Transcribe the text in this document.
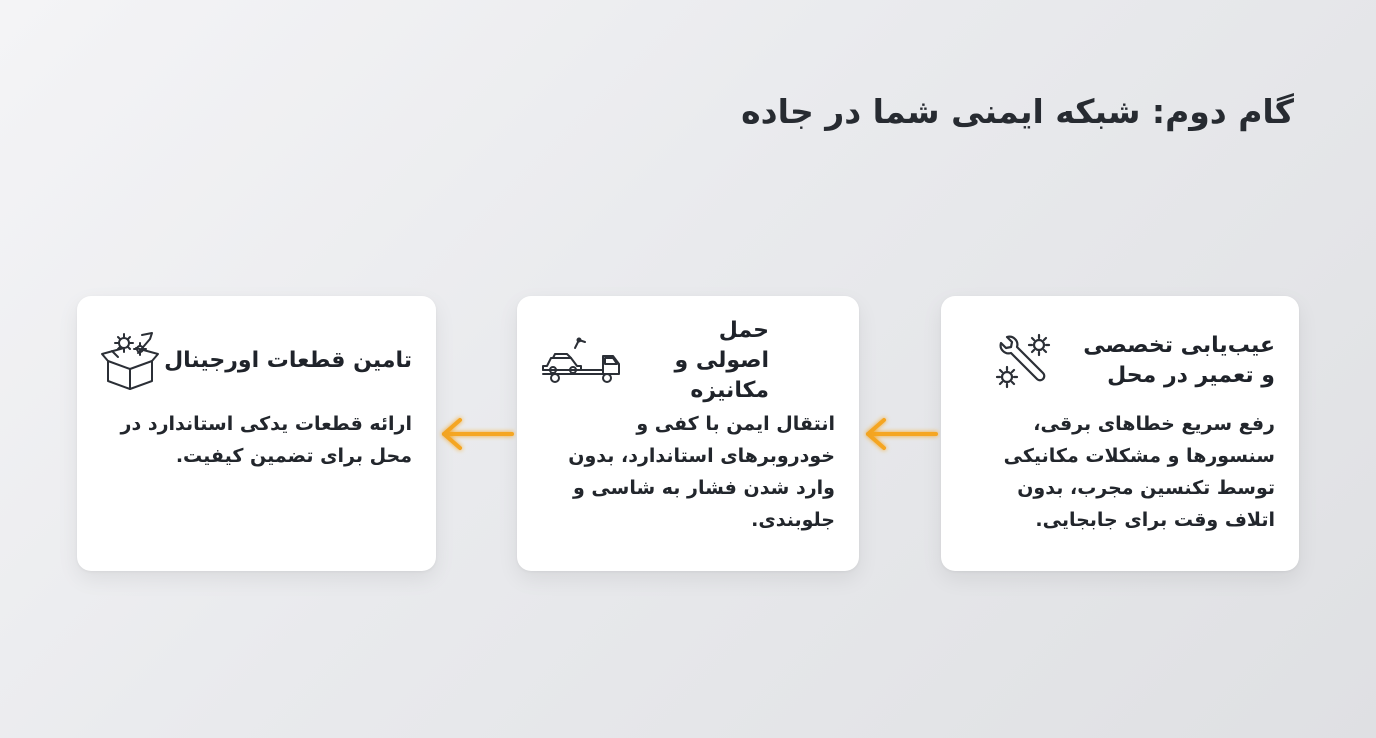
گام دوم: شبکه ایمنی شما در جاده
عیب‌یابی تخصصی و تعمیر در محل
رفع سریع خطاهای برقی، سنسورها و مشکلات مکانیکی توسط تکنسین مجرب، بدون اتلاف وقت برای جابجایی.
حمل اصولی و مکانیزه
انتقال ایمن با کفی و خودروبرهای استاندارد، بدون وارد شدن فشار به شاسی و جلوبندی.
تامین قطعات اورجینال
ارائه قطعات یدکی استاندارد در محل برای تضمین کیفیت.
